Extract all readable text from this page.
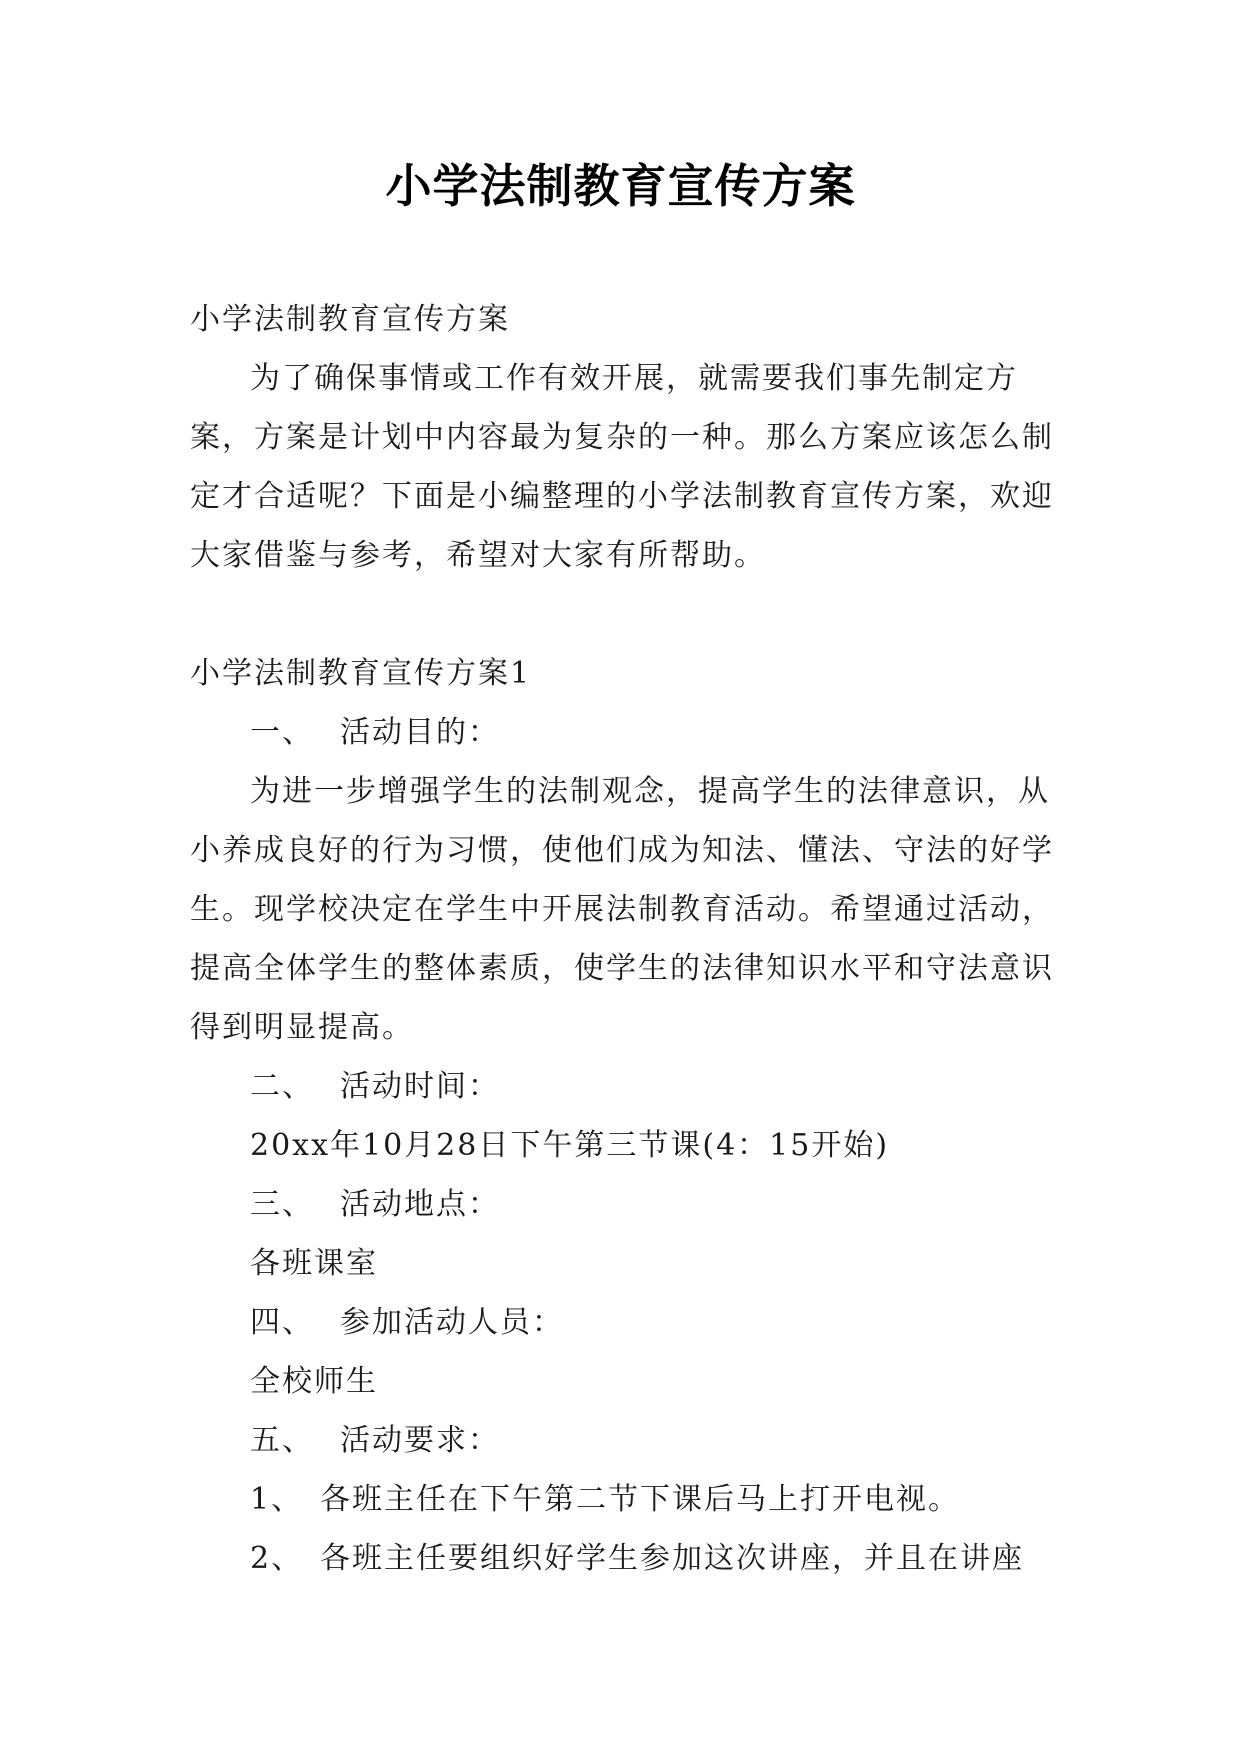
小学法制教育宣传方案

小学法制教育宣传方案

为了确保事情或工作有效开展，就需要我们事先制定方案，方案是计划中内容最为复杂的一种。那么方案应该怎么制定才合适呢？下面是小编整理的小学法制教育宣传方案，欢迎大家借鉴与参考，希望对大家有所帮助。

小学法制教育宣传方案1

一、 活动目的：

为进一步增强学生的法制观念，提高学生的法律意识，从小养成良好的行为习惯，使他们成为知法、懂法、守法的好学生。现学校决定在学生中开展法制教育活动。希望通过活动，提高全体学生的整体素质，使学生的法律知识水平和守法意识得到明显提高。

二、 活动时间：

20xx年10月28日下午第三节课(4：15开始)

三、 活动地点：

各班课室

四、 参加活动人员：

全校师生

五、 活动要求：

1、 各班主任在下午第二节下课后马上打开电视。

2、 各班主任要组织好学生参加这次讲座，并且在讲座
